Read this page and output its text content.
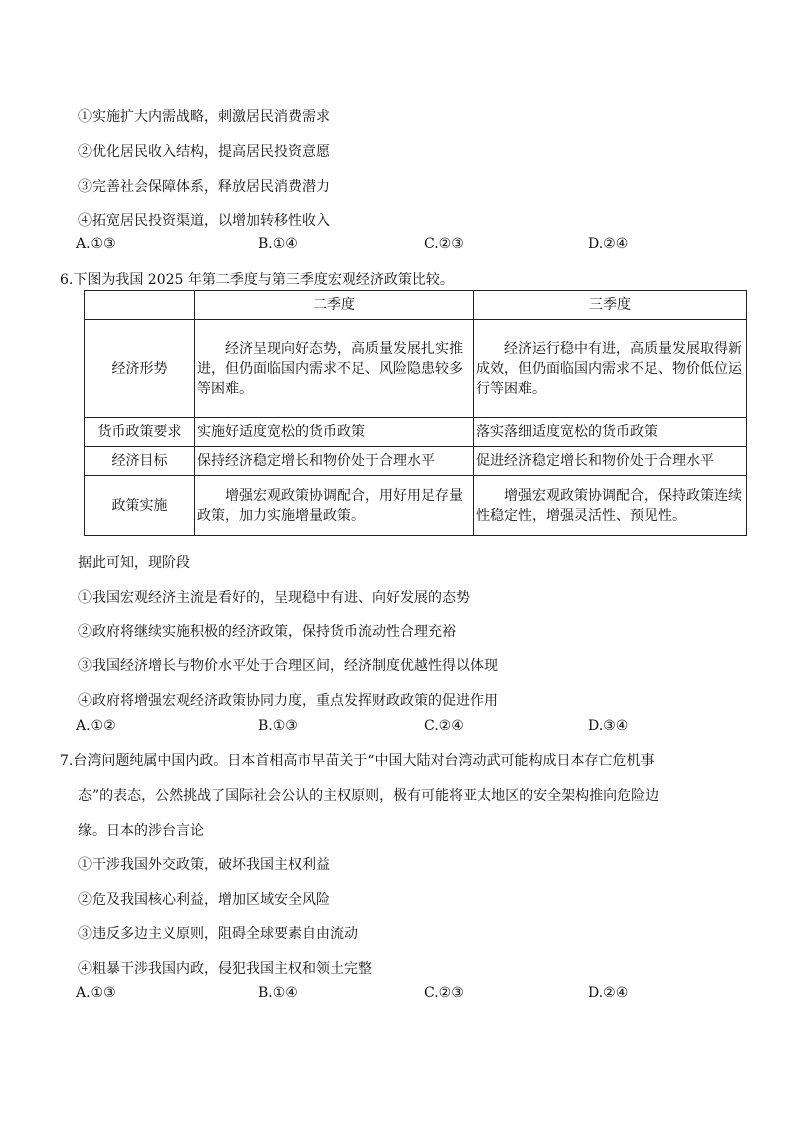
①实施扩大内需战略，刺激居民消费需求
②优化居民收入结构，提高居民投资意愿
③完善社会保障体系，释放居民消费潜力
④拓宽居民投资渠道，以增加转移性收入
A.①③	B.①④	C.②③	D.②④
6.下图为我国 2025 年第二季度与第三季度宏观经济政策比较。
	二季度	三季度
经济形势	经济呈现向好态势，高质量发展扎实推进，但仍面临国内需求不足、风险隐患较多等困难。	经济运行稳中有进，高质量发展取得新成效，但仍面临国内需求不足、物价低位运行等困难。
货币政策要求	实施好适度宽松的货币政策	落实落细适度宽松的货币政策
经济目标	保持经济稳定增长和物价处于合理水平	促进经济稳定增长和物价处于合理水平
政策实施	增强宏观政策协调配合，用好用足存量政策，加力实施增量政策。	增强宏观政策协调配合，保持政策连续性稳定性，增强灵活性、预见性。
据此可知，现阶段
①我国宏观经济主流是看好的，呈现稳中有进、向好发展的态势
②政府将继续实施积极的经济政策，保持货币流动性合理充裕
③我国经济增长与物价水平处于合理区间，经济制度优越性得以体现
④政府将增强宏观经济政策协同力度，重点发挥财政政策的促进作用
A.①②	B.①③	C.②④	D.③④
7.台湾问题纯属中国内政。日本首相高市早苗关于“中国大陆对台湾动武可能构成日本存亡危机事
态”的表态，公然挑战了国际社会公认的主权原则，极有可能将亚太地区的安全架构推向危险边
缘。日本的涉台言论
①干涉我国外交政策，破坏我国主权利益
②危及我国核心利益，增加区域安全风险
③违反多边主义原则，阻碍全球要素自由流动
④粗暴干涉我国内政，侵犯我国主权和领土完整
A.①③	B.①④	C.②③	D.②④
